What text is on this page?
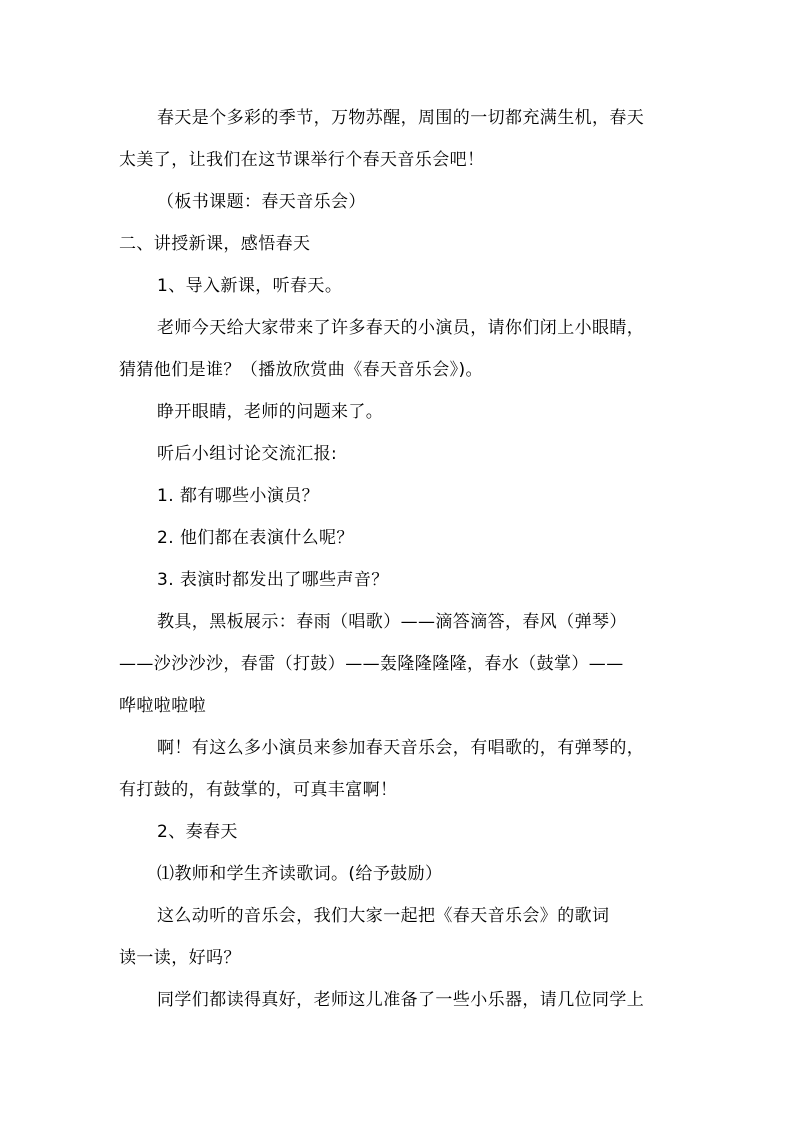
春天是个多彩的季节，万物苏醒，周围的一切都充满生机，春天
太美了，让我们在这节课举行个春天音乐会吧！
（板书课题：春天音乐会）
二、讲授新课，感悟春天
1、导入新课，听春天。
老师今天给大家带来了许多春天的小演员，请你们闭上小眼睛，
猜猜他们是谁？（播放欣赏曲《春天音乐会》)。
睁开眼睛，老师的问题来了。
听后小组讨论交流汇报:
1. 都有哪些小演员？
2. 他们都在表演什么呢？
3. 表演时都发出了哪些声音？
教具，黑板展示：春雨（唱歌）——滴答滴答，春风（弹琴）
——沙沙沙沙，春雷（打鼓）——轰隆隆隆隆，春水（鼓掌）——
哗啦啦啦啦
啊！有这么多小演员来参加春天音乐会，有唱歌的，有弹琴的，
有打鼓的，有鼓掌的，可真丰富啊！
2、奏春天
⑴教师和学生齐读歌词。(给予鼓励）
这么动听的音乐会，我们大家一起把《春天音乐会》的歌词
读一读，好吗？
同学们都读得真好，老师这儿准备了一些小乐器，请几位同学上
